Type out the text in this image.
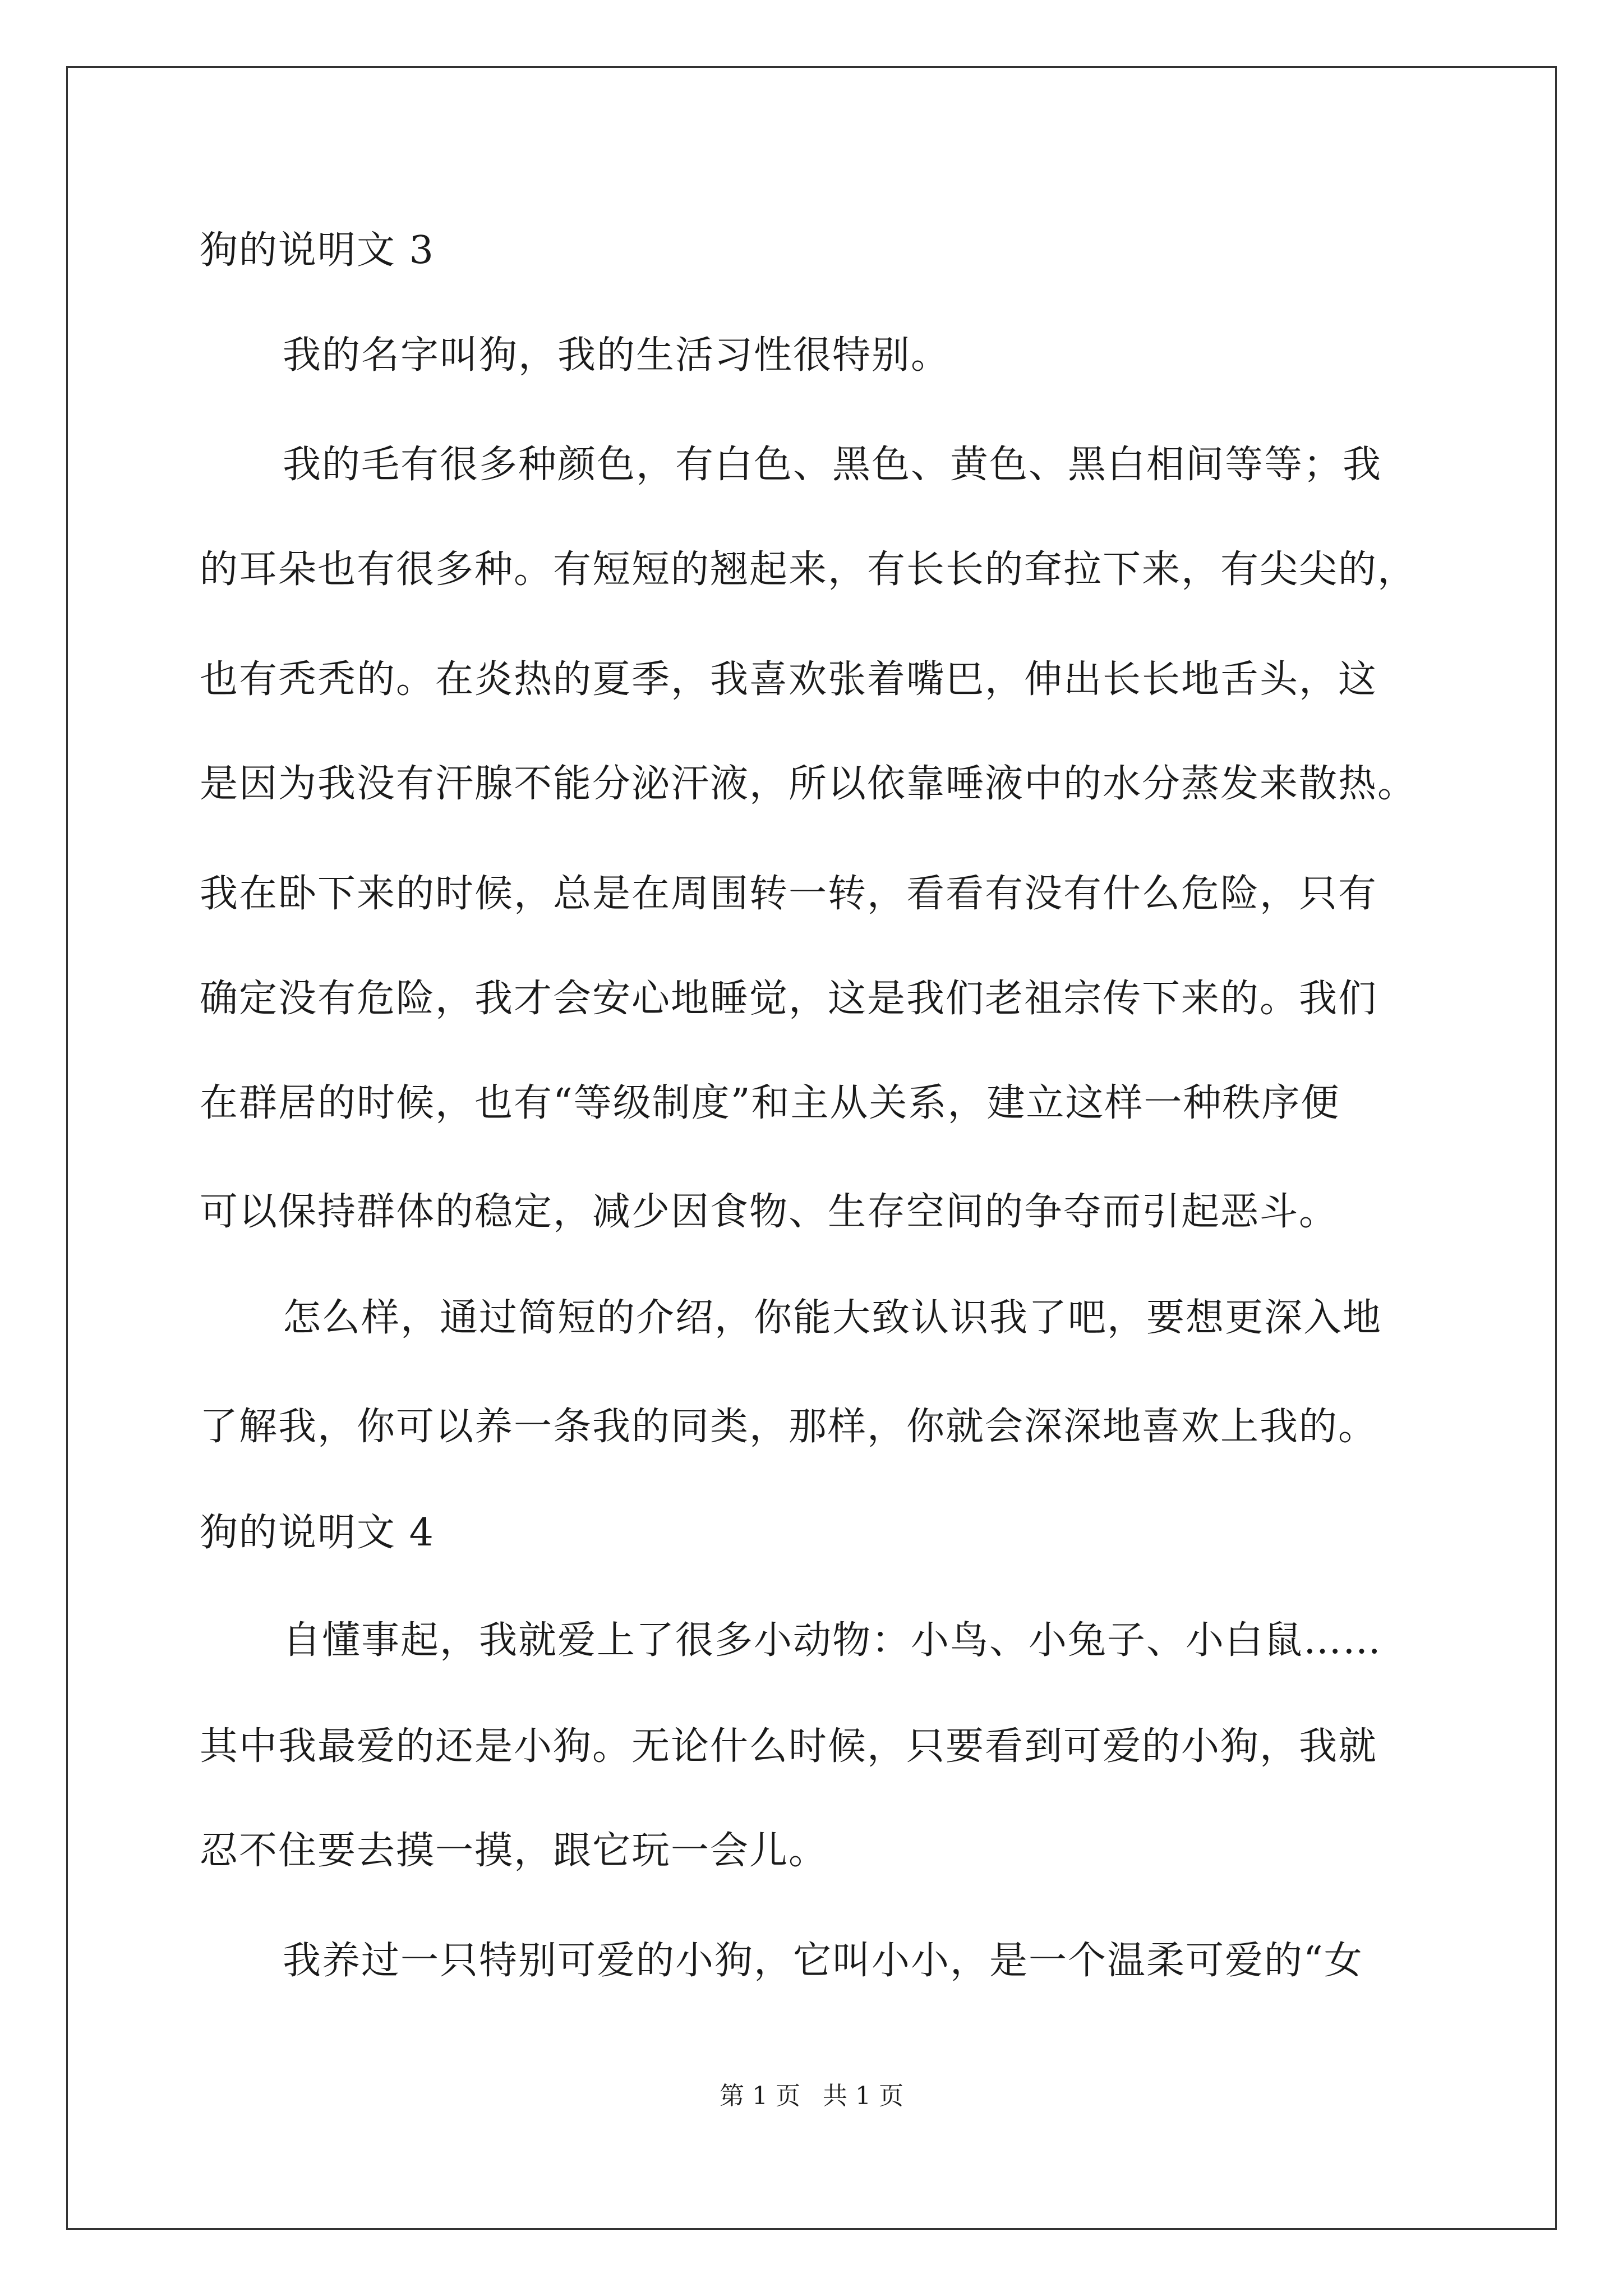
狗的说明文 3
我的名字叫狗，我的生活习性很特别。
我的毛有很多种颜色，有白色、黑色、黄色、黑白相间等等；我
的耳朵也有很多种。有短短的翘起来，有长长的耷拉下来，有尖尖的，
也有秃秃的。在炎热的夏季，我喜欢张着嘴巴，伸出长长地舌头，这
是因为我没有汗腺不能分泌汗液，所以依靠唾液中的水分蒸发来散热。
我在卧下来的时候，总是在周围转一转，看看有没有什么危险，只有
确定没有危险，我才会安心地睡觉，这是我们老祖宗传下来的。我们
在群居的时候，也有“等级制度”和主从关系，建立这样一种秩序便
可以保持群体的稳定，减少因食物、生存空间的争夺而引起恶斗。
怎么样，通过简短的介绍，你能大致认识我了吧，要想更深入地
了解我，你可以养一条我的同类，那样，你就会深深地喜欢上我的。
狗的说明文 4
自懂事起，我就爱上了很多小动物：小鸟、小兔子、小白鼠……
其中我最爱的还是小狗。无论什么时候，只要看到可爱的小狗，我就
忍不住要去摸一摸，跟它玩一会儿。
我养过一只特别可爱的小狗，它叫小小，是一个温柔可爱的“女
第 1 页 共 1 页
